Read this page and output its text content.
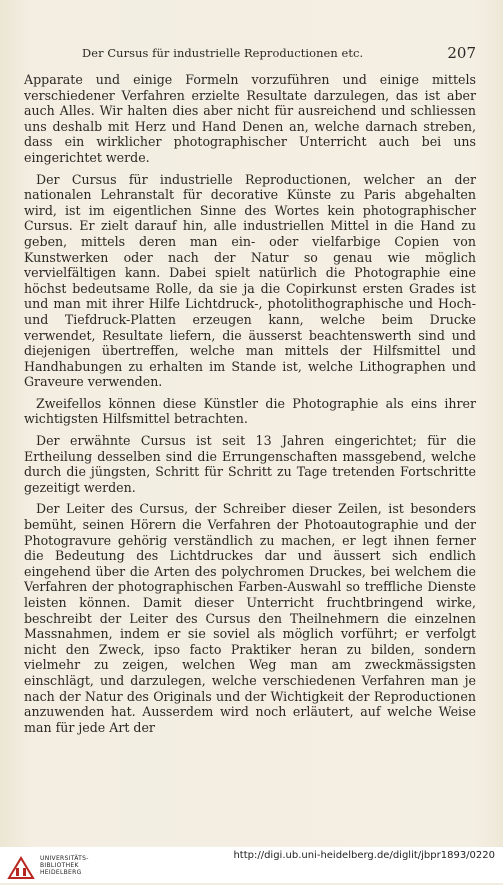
Der Cursus für industrielle Reproductionen etc.	207

Apparate und einige Formeln vorzuführen und einige mittels verschiedener Verfahren erzielte Resultate darzulegen, das ist aber auch Alles. Wir halten dies aber nicht für ausreichend und schliessen uns deshalb mit Herz und Hand Denen an, welche darnach streben, dass ein wirklicher photographischer Unterricht auch bei uns eingerichtet werde.

Der Cursus für industrielle Reproductionen, welcher an der nationalen Lehranstalt für decorative Künste zu Paris abgehalten wird, ist im eigentlichen Sinne des Wortes kein photographischer Cursus. Er zielt darauf hin, alle industriellen Mittel in die Hand zu geben, mittels deren man ein- oder vielfarbige Copien von Kunstwerken oder nach der Natur so genau wie möglich vervielfältigen kann. Dabei spielt natürlich die Photographie eine höchst bedeutsame Rolle, da sie ja die Copirkunst ersten Grades ist und man mit ihrer Hilfe Lichtdruck-, photolithographische und Hoch- und Tiefdruck-Platten erzeugen kann, welche beim Drucke verwendet, Resultate liefern, die äusserst beachtenswerth sind und diejenigen übertreffen, welche man mittels der Hilfsmittel und Handhabungen zu erhalten im Stande ist, welche Lithographen und Graveure verwenden.

Zweifellos können diese Künstler die Photographie als eins ihrer wichtigsten Hilfsmittel betrachten.

Der erwähnte Cursus ist seit 13 Jahren eingerichtet; für die Ertheilung desselben sind die Errungenschaften massgebend, welche durch die jüngsten, Schritt für Schritt zu Tage tretenden Fortschritte gezeitigt werden.

Der Leiter des Cursus, der Schreiber dieser Zeilen, ist besonders bemüht, seinen Hörern die Verfahren der Photoautographie und der Photogravure gehörig verständlich zu machen, er legt ihnen ferner die Bedeutung des Lichtdruckes dar und äussert sich endlich eingehend über die Arten des polychromen Druckes, bei welchem die Verfahren der photographischen Farben-Auswahl so treffliche Dienste leisten können. Damit dieser Unterricht fruchtbringend wirke, beschreibt der Leiter des Cursus den Theilnehmern die einzelnen Massnahmen, indem er sie soviel als möglich vorführt; er verfolgt nicht den Zweck, ipso facto Praktiker heran zu bilden, sondern vielmehr zu zeigen, welchen Weg man am zweckmässigsten einschlägt, und darzulegen, welche verschiedenen Verfahren man je nach der Natur des Originals und der Wichtigkeit der Reproductionen anzuwenden hat. Ausserdem wird noch erläutert, auf welche Weise man für jede Art der

UNIVERSITÄTS-
BIBLIOTHEK
HEIDELBERG
http://digi.ub.uni-heidelberg.de/diglit/jbpr1893/0220
